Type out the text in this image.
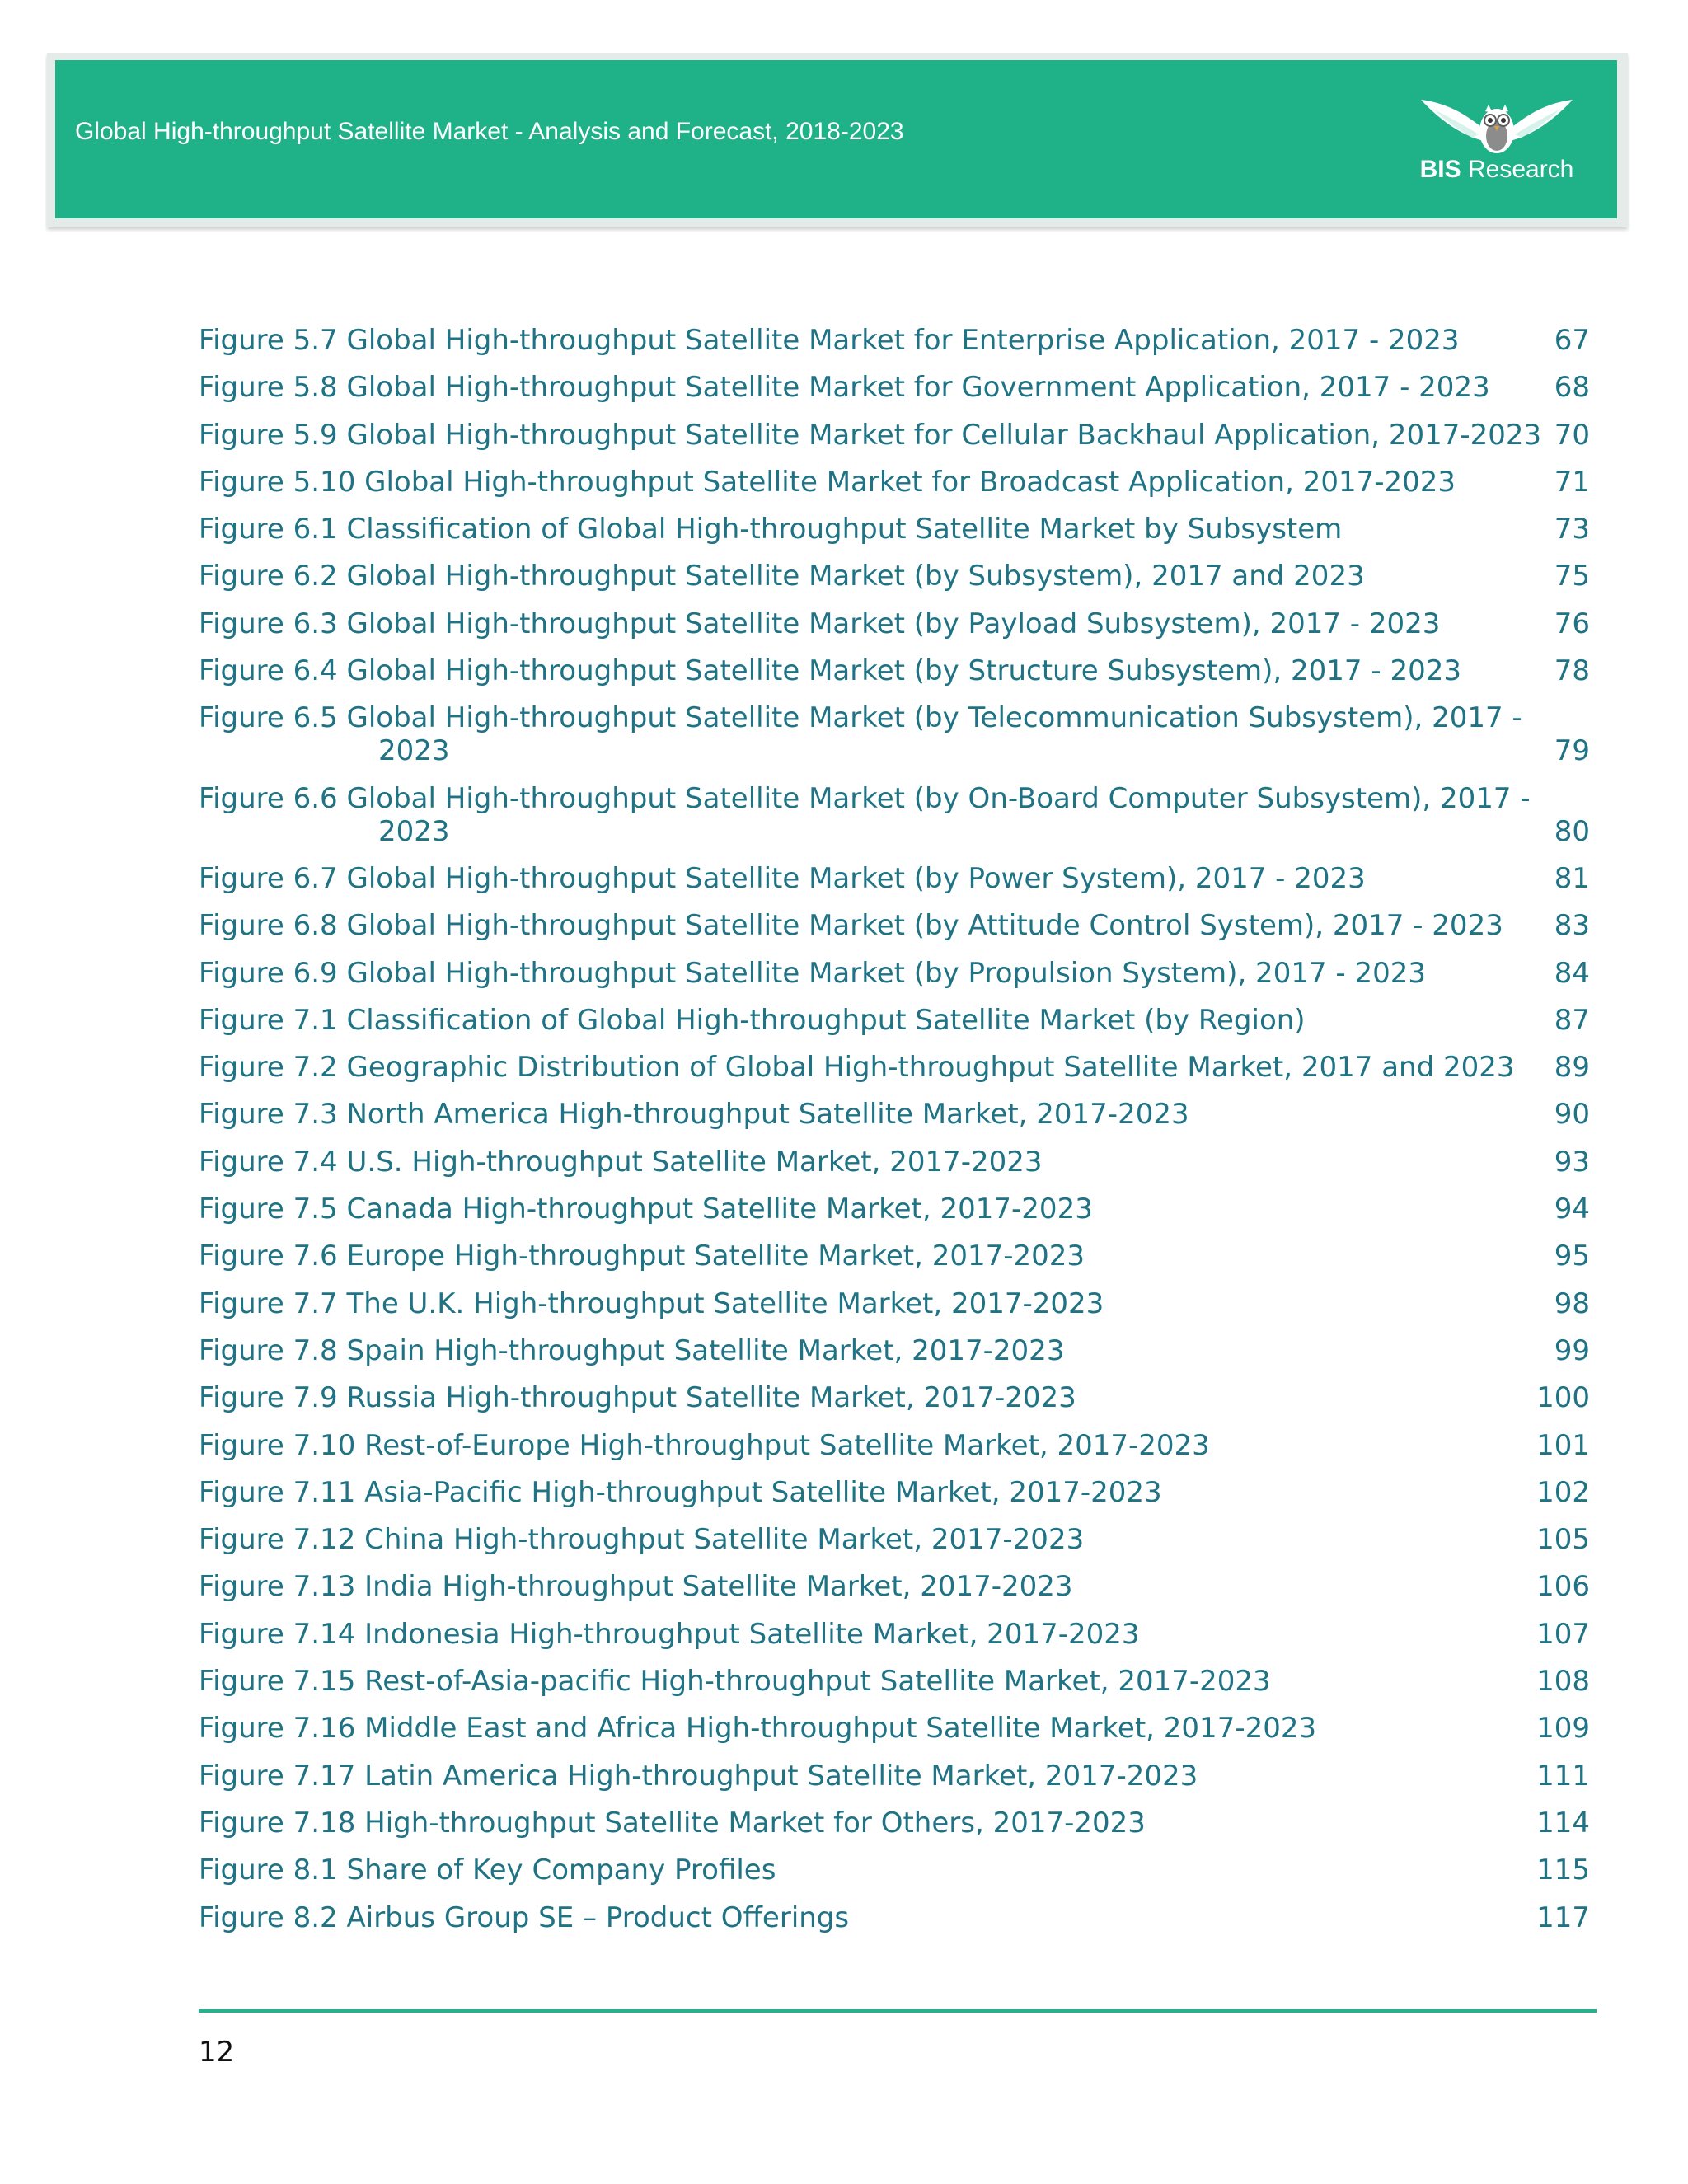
Global High-throughput Satellite Market - Analysis and Forecast, 2018-2023
BIS Research
Figure 5.7 Global High-throughput Satellite Market for Enterprise Application, 2017 - 2023	67
Figure 5.8 Global High-throughput Satellite Market for Government Application, 2017 - 2023	68
Figure 5.9 Global High-throughput Satellite Market for Cellular Backhaul Application, 2017-2023 70
Figure 5.10 Global High-throughput Satellite Market for Broadcast Application, 2017-2023	71
Figure 6.1 Classification of Global High-throughput Satellite Market by Subsystem	73
Figure 6.2 Global High-throughput Satellite Market (by Subsystem), 2017 and 2023	75
Figure 6.3 Global High-throughput Satellite Market (by Payload Subsystem), 2017 - 2023	76
Figure 6.4 Global High-throughput Satellite Market (by Structure Subsystem), 2017 - 2023	78
Figure 6.5 Global High-throughput Satellite Market (by Telecommunication Subsystem), 2017 -
2023	79
Figure 6.6 Global High-throughput Satellite Market (by On-Board Computer Subsystem), 2017 -
2023	80
Figure 6.7 Global High-throughput Satellite Market (by Power System), 2017 - 2023	81
Figure 6.8 Global High-throughput Satellite Market (by Attitude Control System), 2017 - 2023	83
Figure 6.9 Global High-throughput Satellite Market (by Propulsion System), 2017 - 2023	84
Figure 7.1 Classification of Global High-throughput Satellite Market (by Region)	87
Figure 7.2 Geographic Distribution of Global High-throughput Satellite Market, 2017 and 2023	89
Figure 7.3 North America High-throughput Satellite Market, 2017-2023	90
Figure 7.4 U.S. High-throughput Satellite Market, 2017-2023	93
Figure 7.5 Canada High-throughput Satellite Market, 2017-2023	94
Figure 7.6 Europe High-throughput Satellite Market, 2017-2023	95
Figure 7.7 The U.K. High-throughput Satellite Market, 2017-2023	98
Figure 7.8 Spain High-throughput Satellite Market, 2017-2023	99
Figure 7.9 Russia High-throughput Satellite Market, 2017-2023	100
Figure 7.10 Rest-of-Europe High-throughput Satellite Market, 2017-2023	101
Figure 7.11 Asia-Pacific High-throughput Satellite Market, 2017-2023	102
Figure 7.12 China High-throughput Satellite Market, 2017-2023	105
Figure 7.13 India High-throughput Satellite Market, 2017-2023	106
Figure 7.14 Indonesia High-throughput Satellite Market, 2017-2023	107
Figure 7.15 Rest-of-Asia-pacific High-throughput Satellite Market, 2017-2023	108
Figure 7.16 Middle East and Africa High-throughput Satellite Market, 2017-2023	109
Figure 7.17 Latin America High-throughput Satellite Market, 2017-2023	111
Figure 7.18 High-throughput Satellite Market for Others, 2017-2023	114
Figure 8.1 Share of Key Company Profiles	115
Figure 8.2 Airbus Group SE – Product Offerings	117
12
